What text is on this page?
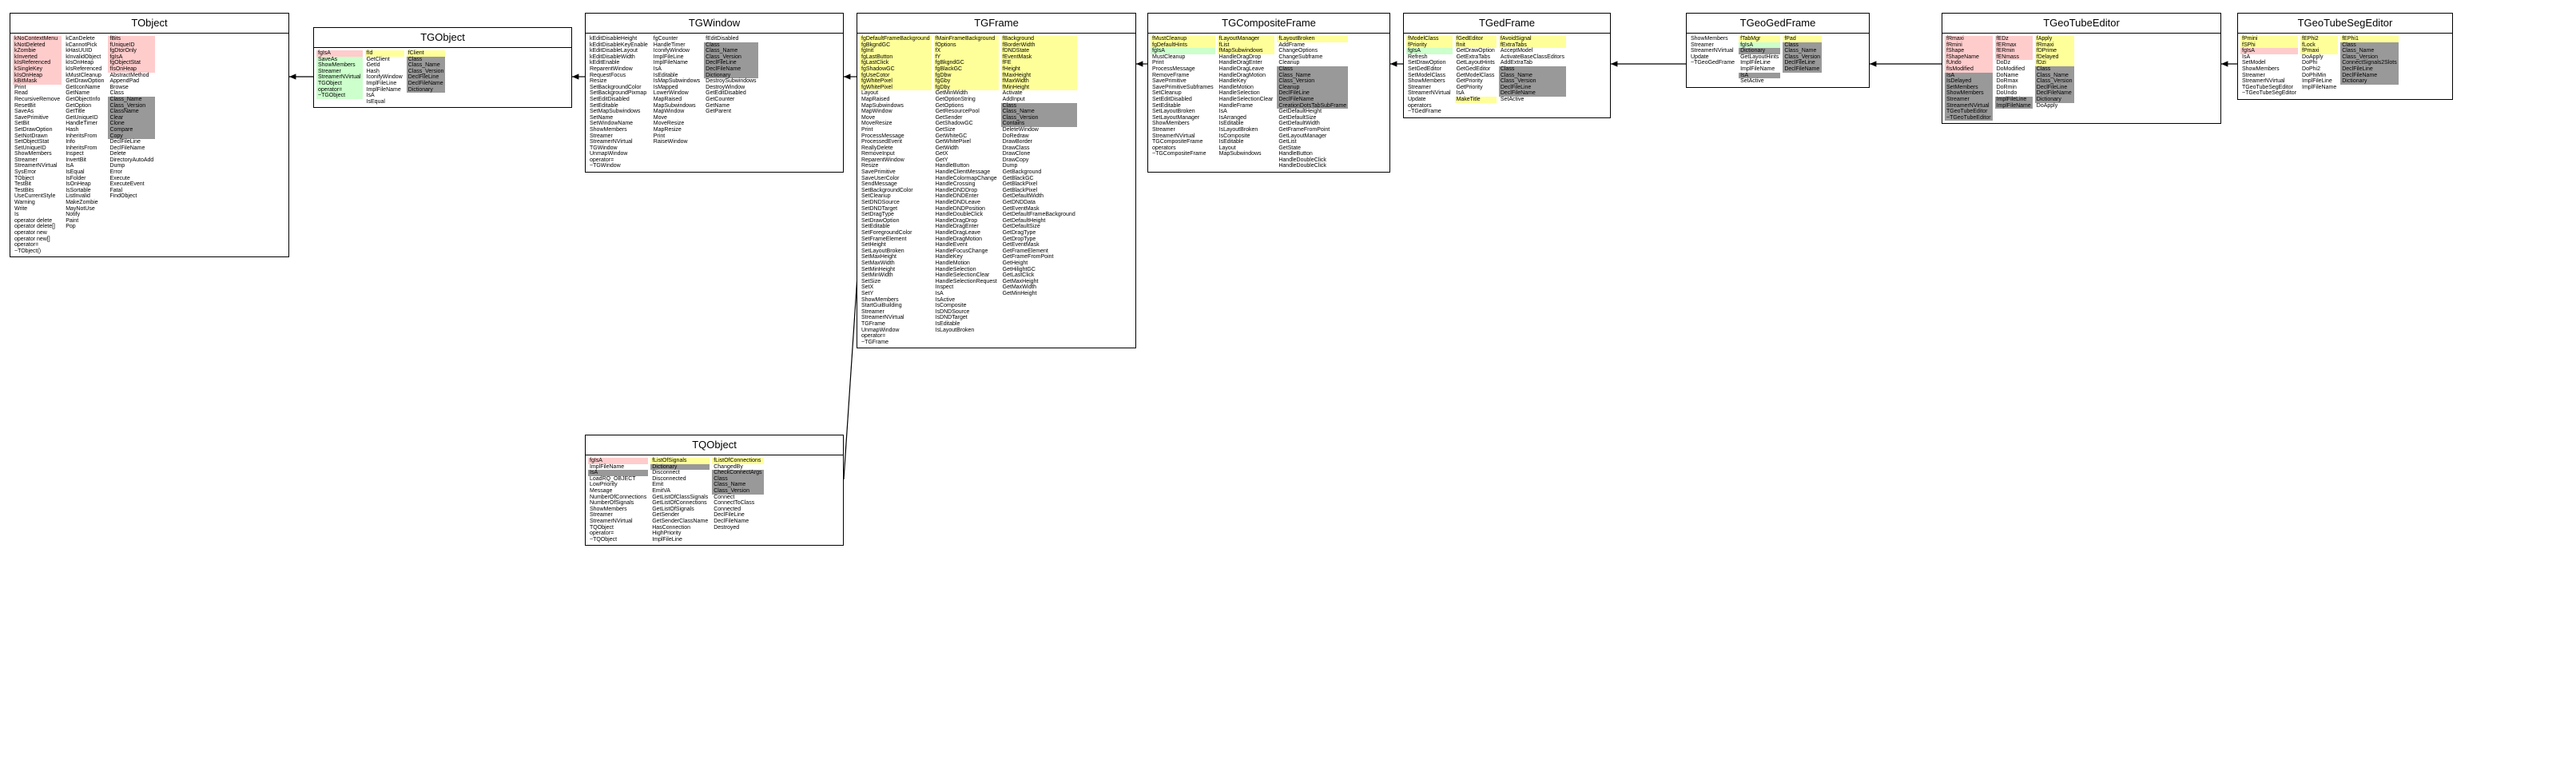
TObject
kNoContextMenu
kNotDeleted
kZombie
kInverted
kIsReferenced
kSingleKey
kIsOnHeap
kBitMask
Print
Read
RecursiveRemove
ResetBit
SaveAs
SavePrimitive
SetBit
SetDrawOption
SetNotDrawn
SetObjectStat
SetUniqueID
ShowMembers
Streamer
StreamerNVirtual
SysError
TObject
TestBit
TestBits
UseCurrentStyle
Warning
Write
Is
operator delete
operator delete[]
operator new
operator new[]
operator=
~TObject()
kCanDelete
kCannotPick
kHasUUID
kInvalidObject
kIsOnHeap
kIsReferenced
kMustCleanup
GetDrawOption
GetIconName
GetName
GetObjectInfo
GetOption
GetTitle
GetUniqueID
HandleTimer
Hash
InheritsFrom
Info
InheritsFrom
Inspect
InvertBit
IsA
IsEqual
IsFolder
IsOnHeap
IsSortable
Listlnvalid
MakeZombie
MayNotUse
Notify
Paint
Pop
fBits
fUniqueID
fgDtorOnly
fgIsA
fgObjectStat
fIsOnHeap
AbstractMethod
AppendPad
Browse
Class
Class_Name
Class_Version
ClassName
Clear
Clone
Compare
Copy
DeclFileLine
DeclFileName
Delete
DirectoryAutoAdd
Dump
Error
Execute
ExecuteEvent
Fatal
FindObject
TGObject
fgIsA
SaveAs
ShowMembers
Streamer
StreamerNVirtual
TGObject
operator=
~TGObject
fId
GetClient
GetId
Hash
IconifyWindow
ImplFileLine
ImplFileName
IsA
IsEqual
fClient
Class
Class_Name
Class_Version
DeclFileLine
DeclFileName
Dictionary
TGWindow
kEditDisableHeight
kEditDisableKeyEnable
kEditDisableLayout
kEditDisableWidth
kEditEnable
ReparentWindow
RequestFocus
Resize
SetBackgroundColor
SetBackgroundPixmap
SetEditDisabled
SetEditable
SetMapSubwindows
SetName
SetWindowName
ShowMembers
Streamer
StreamerNVirtual
TGWindow
UnmapWindow
operator=
~TGWindow
fgCounter
HandleTimer
IconifyWindow
ImplFileLine
ImplFileName
IsA
IsEditable
IsMapSubwindows
IsMapped
LowerWindow
MapRaised
MapSubwindows
MapWindow
Move
MoveResize
MapResize
Print
RaiseWindow
fEditDisabled
Class
Class_Name
Class_Version
DeclFileLine
DeclFileName
Dictionary
DestroySubwindows
DestroyWindow
GetEditDisabled
GetCounter
GetName
GetParent
TGFrame
fgDefaultFrameBackground
fgBkgndGC
fgInit
fgLastButton
fgLastClick
fgShadowGC
fgUseCotor
fgWhitePixel
fgWhitePixel
Layout
MapRaised
MapSubwindows
MapWindow
Move
MoveResize
Print
ProcessMessage
ProcessedEvent
ReallyDelete
RemoveInput
ReparentWindow
Resize
SavePrimitive
SaveUserColor
SendMessage
SetBackgroundColor
SetCleanup
SetDNDSource
SetDNDTarget
SetDragType
SetDrawOption
SetEditable
SetForegroundColor
SetFrameElement
SetHeight
SetLayoutBroken
SetMaxHeight
SetMaxWidth
SetMinHeight
SetMinWidth
SetSize
SetX
SetY
ShowMembers
StartGuiBuilding
Streamer
StreamerNVirtual
TGFrame
UnmapWindow
operator=
~TGFrame
fMainFrameBackground
fOptions
fX
fY
fgBkgndGC
fgBlackGC
fgDbw
fgGby
fgDby
GetMinWidth
GetOptionString
GetOptions
GetResourcePool
GetSender
GetShadowGC
GetSize
GetWhiteGC
GetWhitePixel
GetWidth
GetX
GetY
HandleButton
HandleClientMessage
HandleColormapChange
HandleCrossing
HandleDNDDrop
HandleDNDEnter
HandleDNDLeave
HandleDNDPosition
HandleDoubleClick
HandleDragDrop
HandleDragEnter
HandleDragLeave
HandleDragMotion
HandleEvent
HandleFocusChange
HandleKey
HandleMotion
HandleSelection
HandleSelectionClear
HandleSelectionRequest
Inspect
IsA
IsActive
IsComposite
IsDNDSource
IsDNDTarget
IsEditable
IsLayoutBroken
fBackground
fBorderWidth
fDNDState
fEventMask
fFE
fHeight
fMaxHeight
fMaxWidth
fMinHeight
Activate
AddInput
Class
Class_Name
Class_Version
Contains
DeleteWindow
DoRedraw
DrawBorder
DrawClass
DrawClone
DrawCopy
Dump
GetBackground
GetBlackGC
GetBlackPixel
GetBlackPixel
GetDefaultWidth
GetDNDData
GetEventMask
GetDefaultFrameBackground
GetDefaultHeight
GetDefaultSize
GetDragType
GetDropType
GetEventMask
GetFrameElement
GetFrameFromPoint
GetHeight
GetHilightGC
GetLastClick
GetMaxHeight
GetMaxWidth
GetMinHeight
TQObject
fgIsA
ImplFileName
IsA
LoadRQ_OBJECT
LowPriority
Message
NumberOfConnections
NumberOfSignals
ShowMembers
Streamer
StreamerNVirtual
TQObject
operator=
~TQObject
fListOfSignals
Dictionary
Disconnect
Disconnected
Emit
EmitVA
GetListOfClassSignals
GetListOfConnections
GetListOfSignals
GetSender
GetSenderClassName
HasConnection
HighPriority
ImplFileLine
fListOfConnections
ChangedBy
CheckConnectArgs
Class
Class_Name
Class_Version
Connect
ConnectToClass
Connected
DeclFileLine
DeclFileName
Destroyed
TGCompositeFrame
fMustCleanup
fgDefaultHints
fgIsA
MustCleanup
Print
ProcessMessage
RemoveFrame
SavePrimitive
SavePrimitiveSubframes
SetCleanup
SetEditDisabled
SetEditable
SetLayoutBroken
SetLayoutManager
ShowMembers
Streamer
StreamerNVirtual
TGCompositeFrame
operators
~TGCompositeFrame
fLayoutManager
fList
fMapSubwindows
HandleDragDrop
HandleDragEnter
HandleDragLeave
HandleDragMotion
HandleKey
HandleMotion
HandleSelection
HandleSelectionClear
HandleFrame
IsA
IsArranged
IsEditable
IsLayoutBroken
IsComposite
IsEditable
Layout
MapSubwindows
fLayoutBroken
AddFrame
ChangeOptions
ChangeSubframe
Cleanup
Class
Class_Name
Class_Version
Cleanup
DeclFileLine
DeclFileName
CreationDotsTabSubFrame
GetDefaultHeight
GetDefaultSize
GetDefaultWidth
GetFrameFromPoint
GetLayoutManager
GetList
GetState
HandleButton
HandleDoubleClick
HandleDoubleClick
TGedFrame
fModelClass
fPriority
fgIsA
Refresh
SetDrawOption
SetGedEditor
SetModelClass
ShowMembers
Streamer
StreamerNVirtual
Update
operators
~TGedFrame
fGedEditor
fInit
GetDrawOption
GetExtraTabs
GetLayoutHints
GetGedEditor
GetModelClass
GetPriority
GetPriority
IsA
MakeTitle
fAvoidSignal
fExtraTabs
AcceptModel
ActivateBaseClassEditors
AddExtraTab
Class
Class_Name
Class_Version
DeclFileLine
DeclFileName
SetActive
TGeoGedFrame
ShowMembers
Streamer
StreamerNVirtual
Update
~TGeoGedFrame
fTabMgr
fgIsA
Dictionary
GetLayoutHints
ImplFileLine
ImplFileName
IsA
SetActive
fPad
Class
Class_Name
Class_Version
DeclFileLine
DeclFileName
TGeoTubeEditor
fRmaxi
fRmini
fShape
fShapeName
fUndo
fIsModified
IsA
IsDelayed
SetMembers
ShowMembers
Streamer
StreamerNVirtual
TGeoTubeEditor
~TGeoTubeEditor
fEDz
fERmax
fERmin
fENmass
DoDz
DoModified
DoName
DoRmax
DoRmin
DoUndo
ImplFileLine
ImplFileName
fApply
fRmaxi
fDPrime
fDelayed
fDzi
Class
Class_Name
Class_Version
DeclFileLine
DeclFileName
Dictionary
DoApply
TGeoTubeSegEditor
fPmini
fSPhi
fgIsA
IsA
SetModel
ShowMembers
Streamer
StreamerNVirtual
TGeoTubeSegEditor
~TGeoTubeSegEditor
fEPhi2
fLock
fPmaxi
DoApply
DoPhi
DoPhi2
DoPhiMin
ImplFileLine
ImplFileName
fEPhi1
Class
Class_Name
Class_Version
ConnectSignals2Slots
DeclFileLine
DeclFileName
Dictionary
